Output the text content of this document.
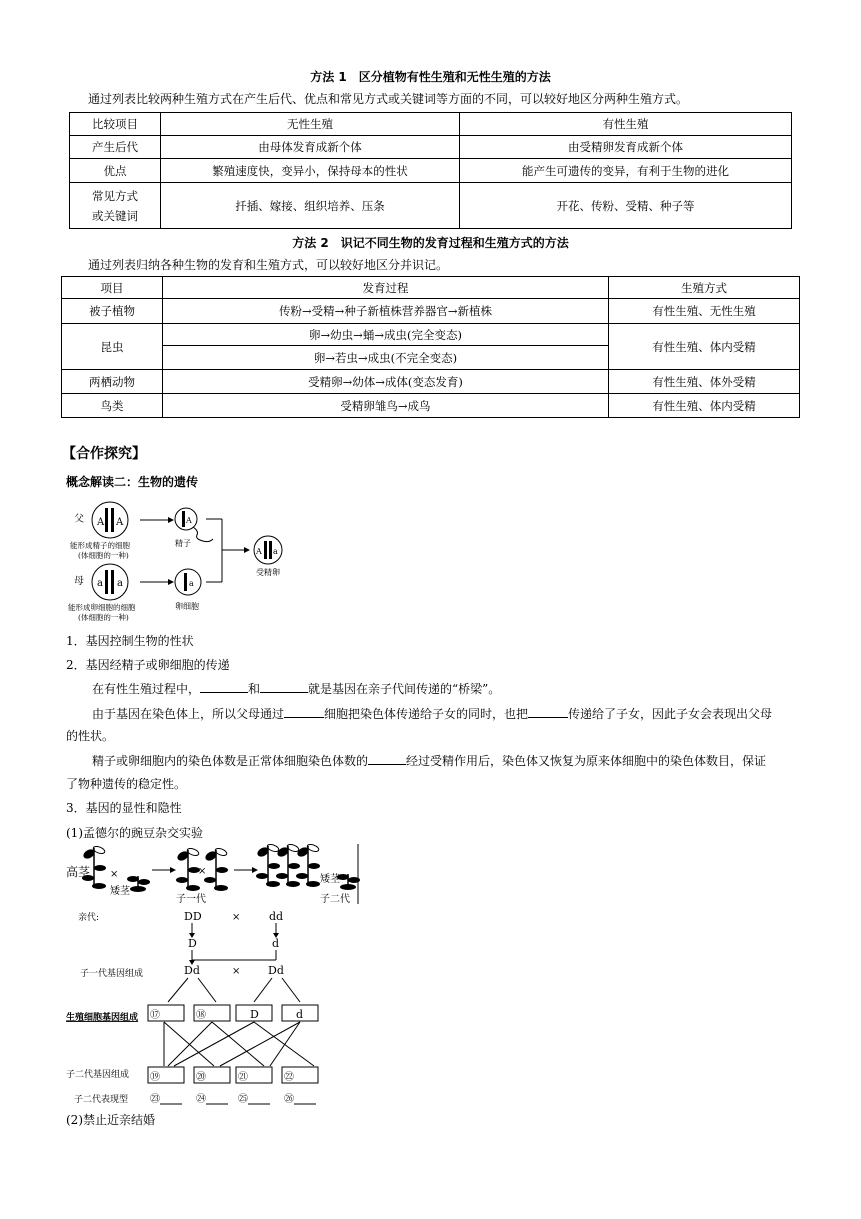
方法 1　区分植物有性生殖和无性生殖的方法
通过列表比较两种生殖方式在产生后代、优点和常见方式或关键词等方面的不同，可以较好地区分两种生殖方式。
比较项目	无性生殖	有性生殖
产生后代	由母体发育成新个体	由受精卵发育成新个体
优点	繁殖速度快，变异小，保持母本的性状	能产生可遗传的变异，有利于生物的进化

常见方式
或关键词	扦插、嫁接、组织培养、压条	开花、传粉、受精、种子等
方法 2　识记不同生物的发育过程和生殖方式的方法
通过列表归纳各种生物的发育和生殖方式，可以较好地区分并识记。
项目	发育过程	生殖方式
被子植物	传粉→受精→种子新植株营养器官→新植株	有性生殖、无性生殖
昆虫	卵→幼虫→蛹→成虫(完全变态)	有性生殖、体内受精
	卵→若虫→成虫(不完全变态)	
两栖动物	受精卵→幼体→成体(变态发育)	有性生殖、体外受精
鸟类	受精卵雏鸟→成鸟	有性生殖、体内受精
【合作探究】
概念解读二：生物的遗传
父 A A
能形成精子的细胞
(体细胞的一种)
A
精子
母 a a
能形成卵细胞的细胞
(体细胞的一种)
a
卵细胞
A a
受精卵
1．基因控制生物的性状
2．基因经精子或卵细胞的传递
在有性生殖过程中，	和	就是基因在亲子代间传递的“桥梁”。
由于基因在染色体上，所以父母通过	细胞把染色体传递给子女的同时，也把	传递给了子女，因此子女会表现出父母
的性状。
精子或卵细胞内的染色体数是正常体细胞染色体数的	经过受精作用后，染色体又恢复为原来体细胞中的染色体数目，保证
了物种遗传的稳定性。
3．基因的显性和隐性
(1)孟德尔的豌豆杂交实验
高茎 ×
矮茎
×
子一代
矮茎
子二代
亲代:	DD	×	dd
D	d
子一代基因组成	Dd	×	Dd
生殖细胞基因组成 ⑰	⑱	D	d
子二代基因组成 ⑲	⑳	㉑	㉒
子二代表现型 ㉓	㉔	㉕	㉖
(2)禁止近亲结婚
